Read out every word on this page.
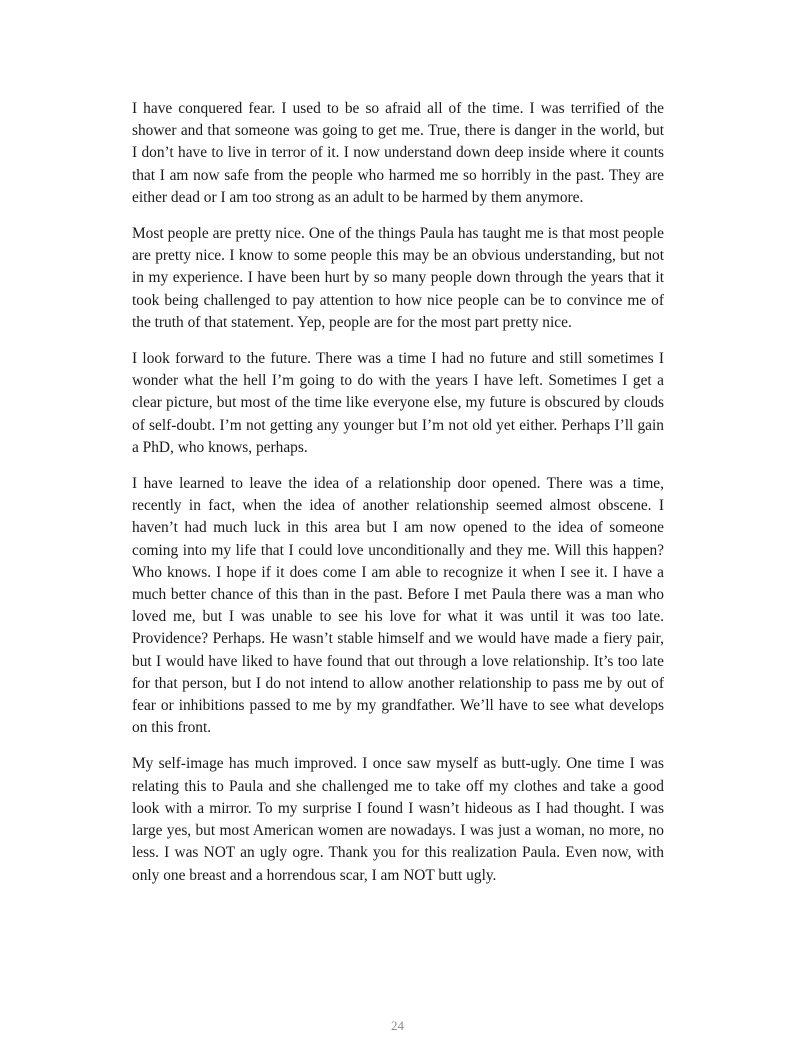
I have conquered fear. I used to be so afraid all of the time. I was terrified of the shower and that someone was going to get me. True, there is danger in the world, but I don’t have to live in terror of it. I now understand down deep inside where it counts that I am now safe from the people who harmed me so horribly in the past. They are either dead or I am too strong as an adult to be harmed by them anymore.

Most people are pretty nice. One of the things Paula has taught me is that most people are pretty nice. I know to some people this may be an obvious understanding, but not in my experience. I have been hurt by so many people down through the years that it took being challenged to pay attention to how nice people can be to convince me of the truth of that statement. Yep, people are for the most part pretty nice.

I look forward to the future. There was a time I had no future and still sometimes I wonder what the hell I’m going to do with the years I have left. Sometimes I get a clear picture, but most of the time like everyone else, my future is obscured by clouds of self-doubt. I’m not getting any younger but I’m not old yet either. Perhaps I’ll gain a PhD, who knows, perhaps.

I have learned to leave the idea of a relationship door opened. There was a time, recently in fact, when the idea of another relationship seemed almost obscene. I haven’t had much luck in this area but I am now opened to the idea of someone coming into my life that I could love unconditionally and they me. Will this happen? Who knows. I hope if it does come I am able to recognize it when I see it. I have a much better chance of this than in the past. Before I met Paula there was a man who loved me, but I was unable to see his love for what it was until it was too late. Providence? Perhaps. He wasn’t stable himself and we would have made a fiery pair, but I would have liked to have found that out through a love relationship. It’s too late for that person, but I do not intend to allow another relationship to pass me by out of fear or inhibitions passed to me by my grandfather. We’ll have to see what develops on this front.

My self-image has much improved. I once saw myself as butt-ugly. One time I was relating this to Paula and she challenged me to take off my clothes and take a good look with a mirror. To my surprise I found I wasn’t hideous as I had thought. I was large yes, but most American women are nowadays. I was just a woman, no more, no less. I was NOT an ugly ogre. Thank you for this realization Paula. Even now, with only one breast and a horrendous scar, I am NOT butt ugly.

24
